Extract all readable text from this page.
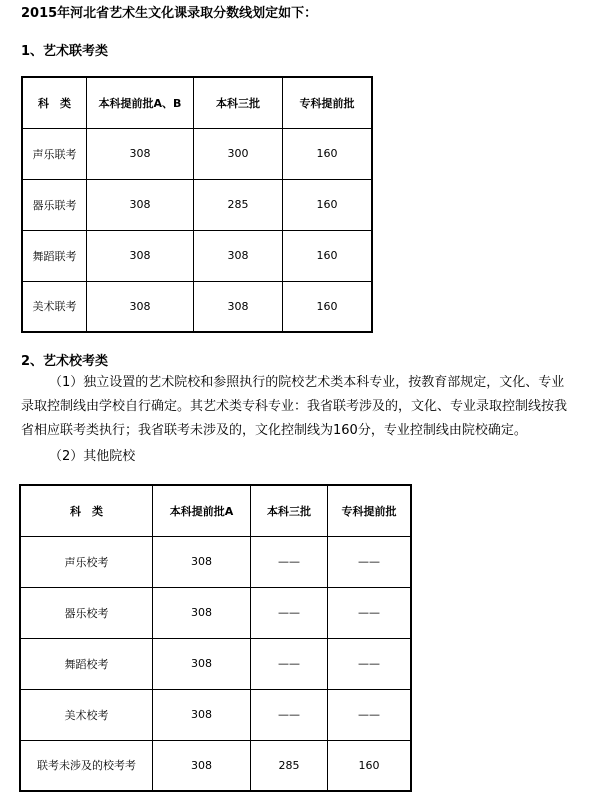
2015年河北省艺术生文化课录取分数线划定如下：
1、艺术联考类
科　类	本科提前批A、B	本科三批	专科提前批
声乐联考	308	300	160
器乐联考	308	285	160
舞蹈联考	308	308	160
美术联考	308	308	160
2、艺术校考类
（1）独立设置的艺术院校和参照执行的院校艺术类本科专业，按教育部规定，文化、专业
录取控制线由学校自行确定。其艺术类专科专业：我省联考涉及的，文化、专业录取控制线按我
省相应联考类执行；我省联考未涉及的，文化控制线为160分，专业控制线由院校确定。
（2）其他院校
科　类	本科提前批A	本科三批	专科提前批
声乐校考	308	——	——
器乐校考	308	——	——
舞蹈校考	308	——	——
美术校考	308	——	——
联考未涉及的校考考	308	285	160
